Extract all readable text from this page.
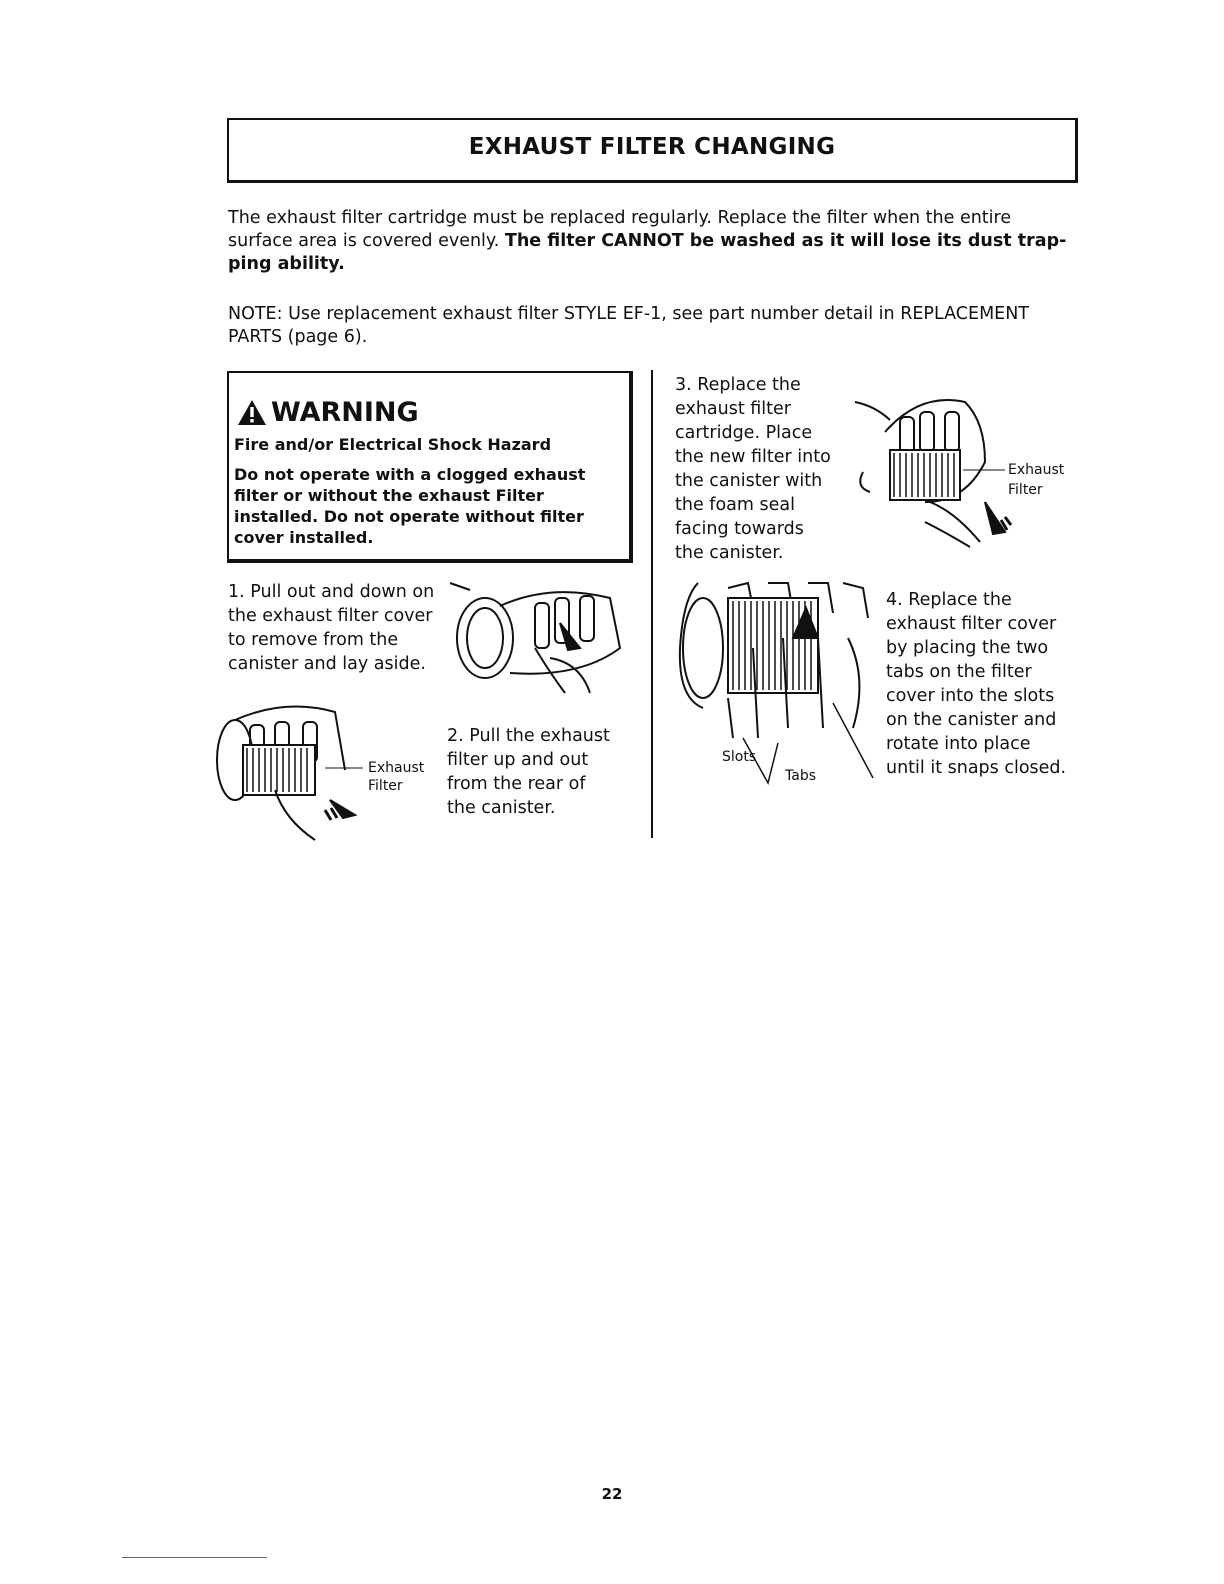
EXHAUST FILTER CHANGING
The exhaust filter cartridge must be replaced regularly. Replace the filter when the entire
surface area is covered evenly. The filter CANNOT be washed as it will lose its dust trap-
ping ability.
NOTE: Use replacement exhaust filter STYLE EF-1, see part number detail in REPLACEMENT
PARTS (page 6).
WARNING
Fire and/or Electrical Shock Hazard
Do not operate with a clogged exhaust filter or without the exhaust Filter installed. Do not operate without filter cover installed.
1. Pull out and down on
the exhaust filter cover
to remove from the
canister and lay aside.
Exhaust
Filter
2. Pull the exhaust
filter up and out
from the rear of
the canister.
3. Replace the
exhaust filter
cartridge. Place
the new filter into
the canister with
the foam seal
facing towards
the canister.
Exhaust
Filter
Slots
Tabs
4. Replace the
exhaust filter cover
by placing the two
tabs on the filter
cover into the slots
on the canister and
rotate into place
until it snaps closed.
22
